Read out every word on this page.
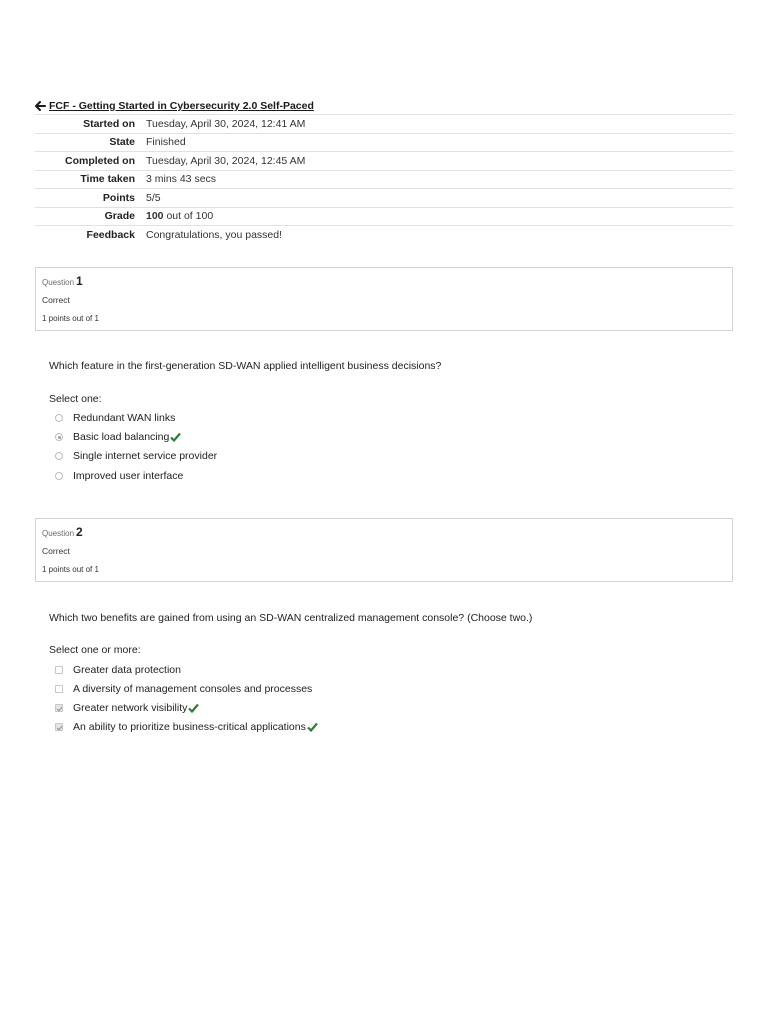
FCF - Getting Started in Cybersecurity 2.0 Self-Paced
Started on	Tuesday, April 30, 2024, 12:41 AM
State	Finished
Completed on	Tuesday, April 30, 2024, 12:45 AM
Time taken	3 mins 43 secs
Points	5/5
Grade	100 out of 100
Feedback	Congratulations, you passed!
Question 1
Correct
1 points out of 1
Which feature in the first-generation SD-WAN applied intelligent business decisions?
Select one:
Redundant WAN links
Basic load balancing
Single internet service provider
Improved user interface
Question 2
Correct
1 points out of 1
Which two benefits are gained from using an SD-WAN centralized management console? (Choose two.)
Select one or more:
Greater data protection
A diversity of management consoles and processes
Greater network visibility
An ability to prioritize business-critical applications
